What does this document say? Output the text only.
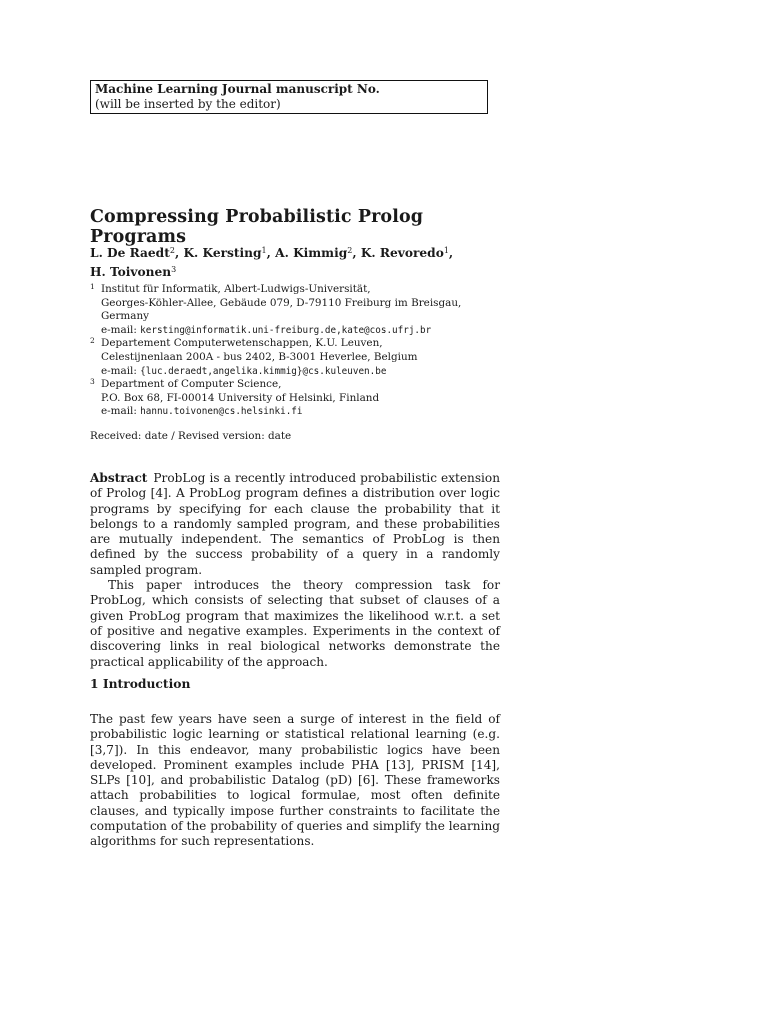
Machine Learning Journal manuscript No.
(will be inserted by the editor)
Compressing Probabilistic Prolog Programs
L. De Raedt$^2$, K. Kersting$^1$, A. Kimmig$^2$, K. Revoredo$^1$,
H. Toivonen$^3$
1 Institut für Informatik, Albert-Ludwigs-Universität,
Georges-Köhler-Allee, Gebäude 079, D-79110 Freiburg im Breisgau, Germany
e-mail: kersting@informatik.uni-freiburg.de,kate@cos.ufrj.br
2 Departement Computerwetenschappen, K.U. Leuven,
Celestijnenlaan 200A - bus 2402, B-3001 Heverlee, Belgium
e-mail: {luc.deraedt,angelika.kimmig}@cs.kuleuven.be
3 Department of Computer Science,
P.O. Box 68, FI-00014 University of Helsinki, Finland
e-mail: hannu.toivonen@cs.helsinki.fi
Received: date / Revised version: date

Abstract ProbLog is a recently introduced probabilistic extension of Prolog [4]. A ProbLog program defines a distribution over logic programs by specifying for each clause the probability that it belongs to a randomly sampled program, and these probabilities are mutually independent. The semantics of ProbLog is then defined by the success probability of a query in a randomly sampled program.

This paper introduces the theory compression task for ProbLog, which consists of selecting that subset of clauses of a given ProbLog program that maximizes the likelihood w.r.t. a set of positive and negative examples. Experiments in the context of discovering links in real biological networks demonstrate the practical applicability of the approach.

1 Introduction

The past few years have seen a surge of interest in the field of probabilistic logic learning or statistical relational learning (e.g. [3,7]). In this endeavor, many probabilistic logics have been developed. Prominent examples include PHA [13], PRISM [14], SLPs [10], and probabilistic Datalog (pD) [6]. These frameworks attach probabilities to logical formulae, most often definite clauses, and typically impose further constraints to facilitate the computation of the probability of queries and simplify the learning algorithms for such representations.
